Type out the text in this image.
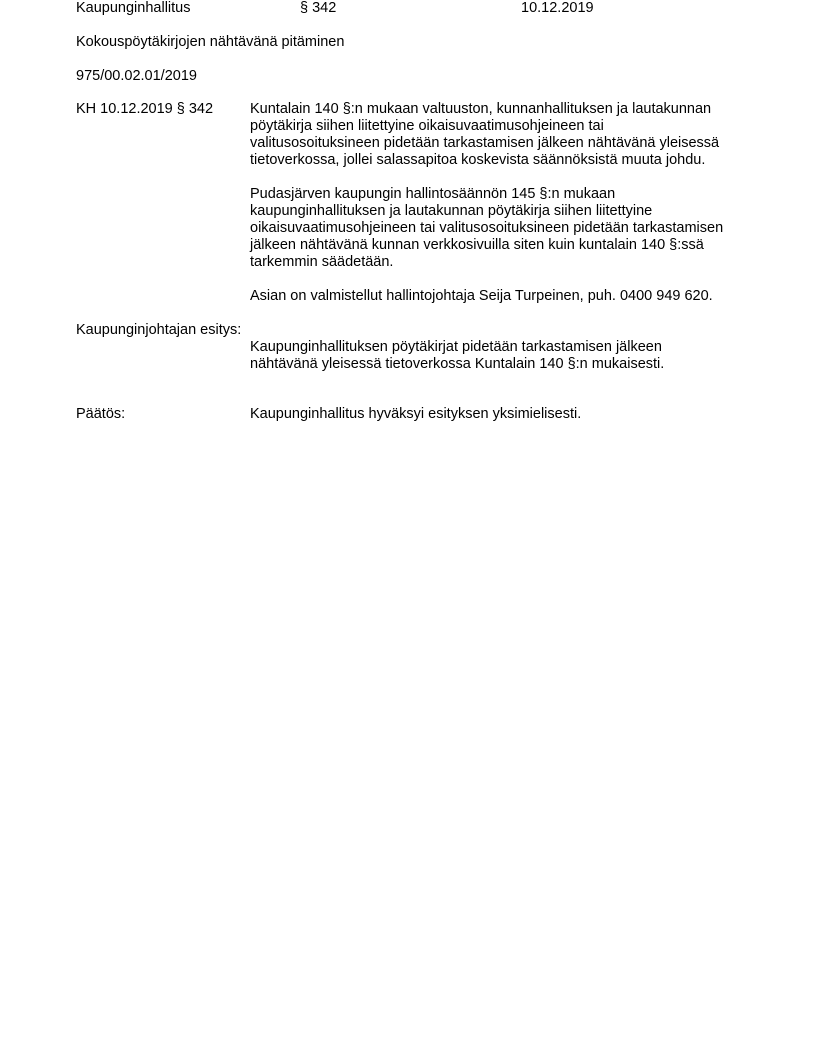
Kaupunginhallitus	§ 342	10.12.2019
Kokouspöytäkirjojen nähtävänä pitäminen
975/00.02.01/2019
KH 10.12.2019 § 342	Kuntalain 140 §:n mukaan valtuuston, kunnanhallituksen ja lautakunnan
pöytäkirja siihen liitettyine oikaisuvaatimusohjeineen tai
valitusosoituksineen pidetään tarkastamisen jälkeen nähtävänä yleisessä
tietoverkossa, jollei salassapitoa koskevista säännöksistä muuta johdu.
Pudasjärven kaupungin hallintosäännön 145 §:n mukaan
kaupunginhallituksen ja lautakunnan pöytäkirja siihen liitettyine
oikaisuvaatimusohjeineen tai valitusosoituksineen pidetään tarkastamisen
jälkeen nähtävänä kunnan verkkosivuilla siten kuin kuntalain 140 §:ssä
tarkemmin säädetään.
Asian on valmistellut hallintojohtaja Seija Turpeinen, puh. 0400 949 620.
Kaupunginjohtajan esitys:
Kaupunginhallituksen pöytäkirjat pidetään tarkastamisen jälkeen
nähtävänä yleisessä tietoverkossa Kuntalain 140 §:n mukaisesti.
Päätös:	Kaupunginhallitus hyväksyi esityksen yksimielisesti.
